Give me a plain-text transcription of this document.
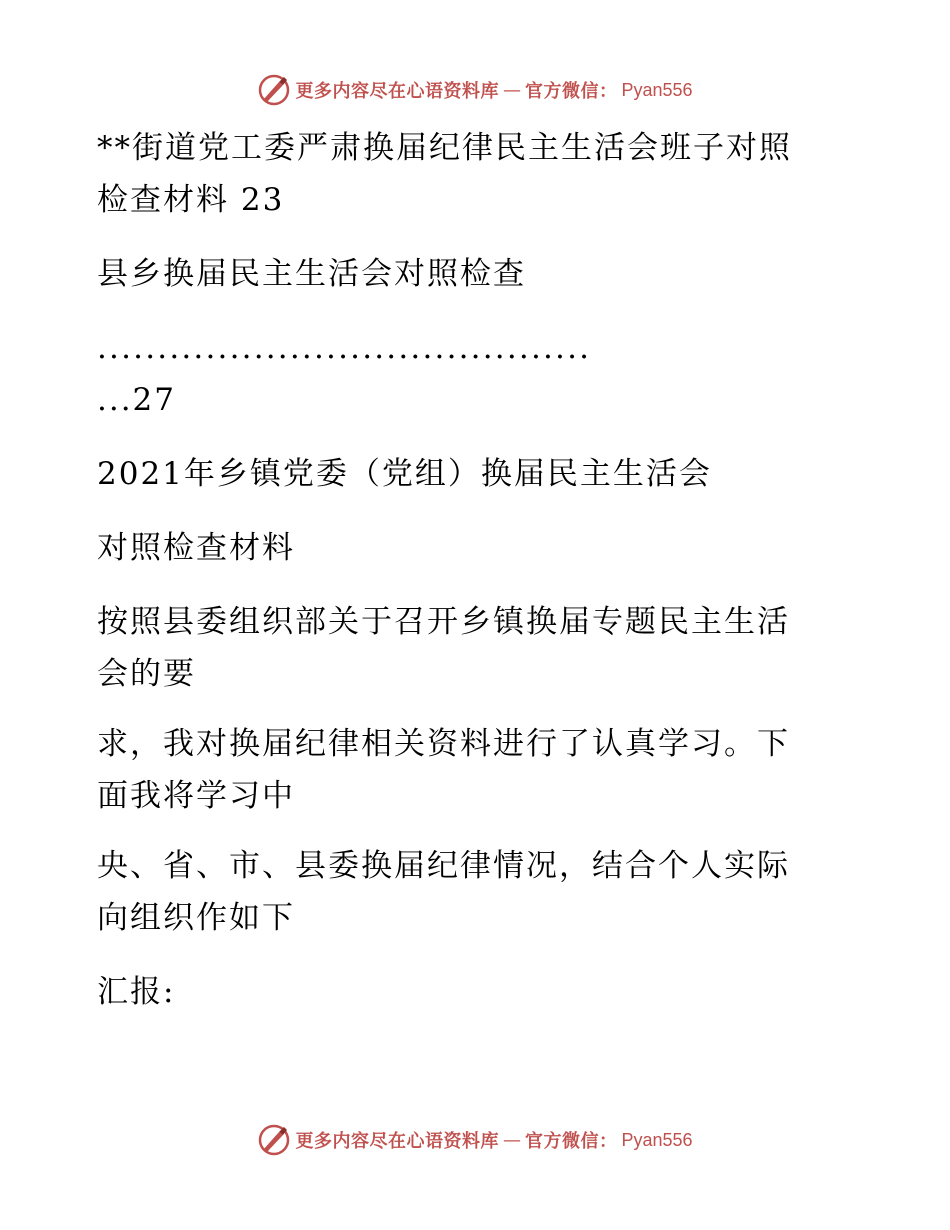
更多内容尽在心语资料库 — 官方微信： Pyan556

**街道党工委严肃换届纪律民主生活会班子对照

检查材料 23

县乡换届民主生活会对照检查

.........................................

...27

2021年乡镇党委（党组）换届民主生活会

对照检查材料

按照县委组织部关于召开乡镇换届专题民主生活

会的要

求，我对换届纪律相关资料进行了认真学习。下

面我将学习中

央、省、市、县委换届纪律情况，结合个人实际

向组织作如下

汇报:

更多内容尽在心语资料库 — 官方微信： Pyan556
